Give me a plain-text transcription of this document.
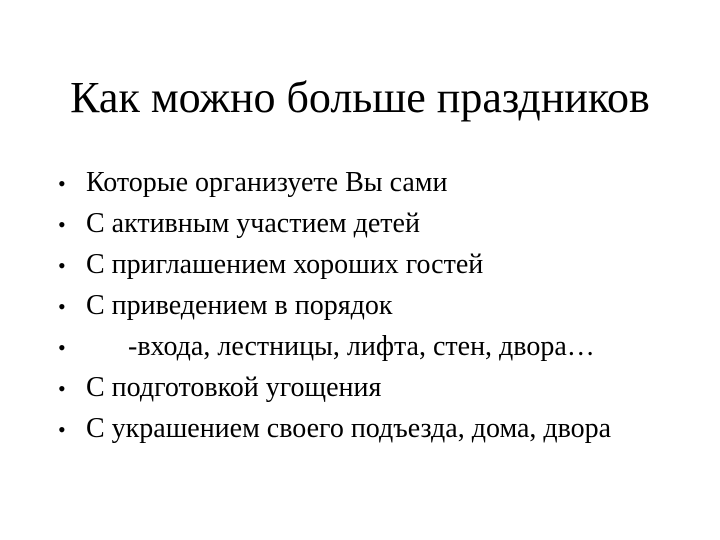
Как можно больше праздников
• Которые организуете Вы сами
• С активным участием детей
• С приглашением хороших гостей
• С приведением в порядок
• -входа, лестницы, лифта, стен, двора…
• С подготовкой угощения
• С украшением своего подъезда, дома, двора
